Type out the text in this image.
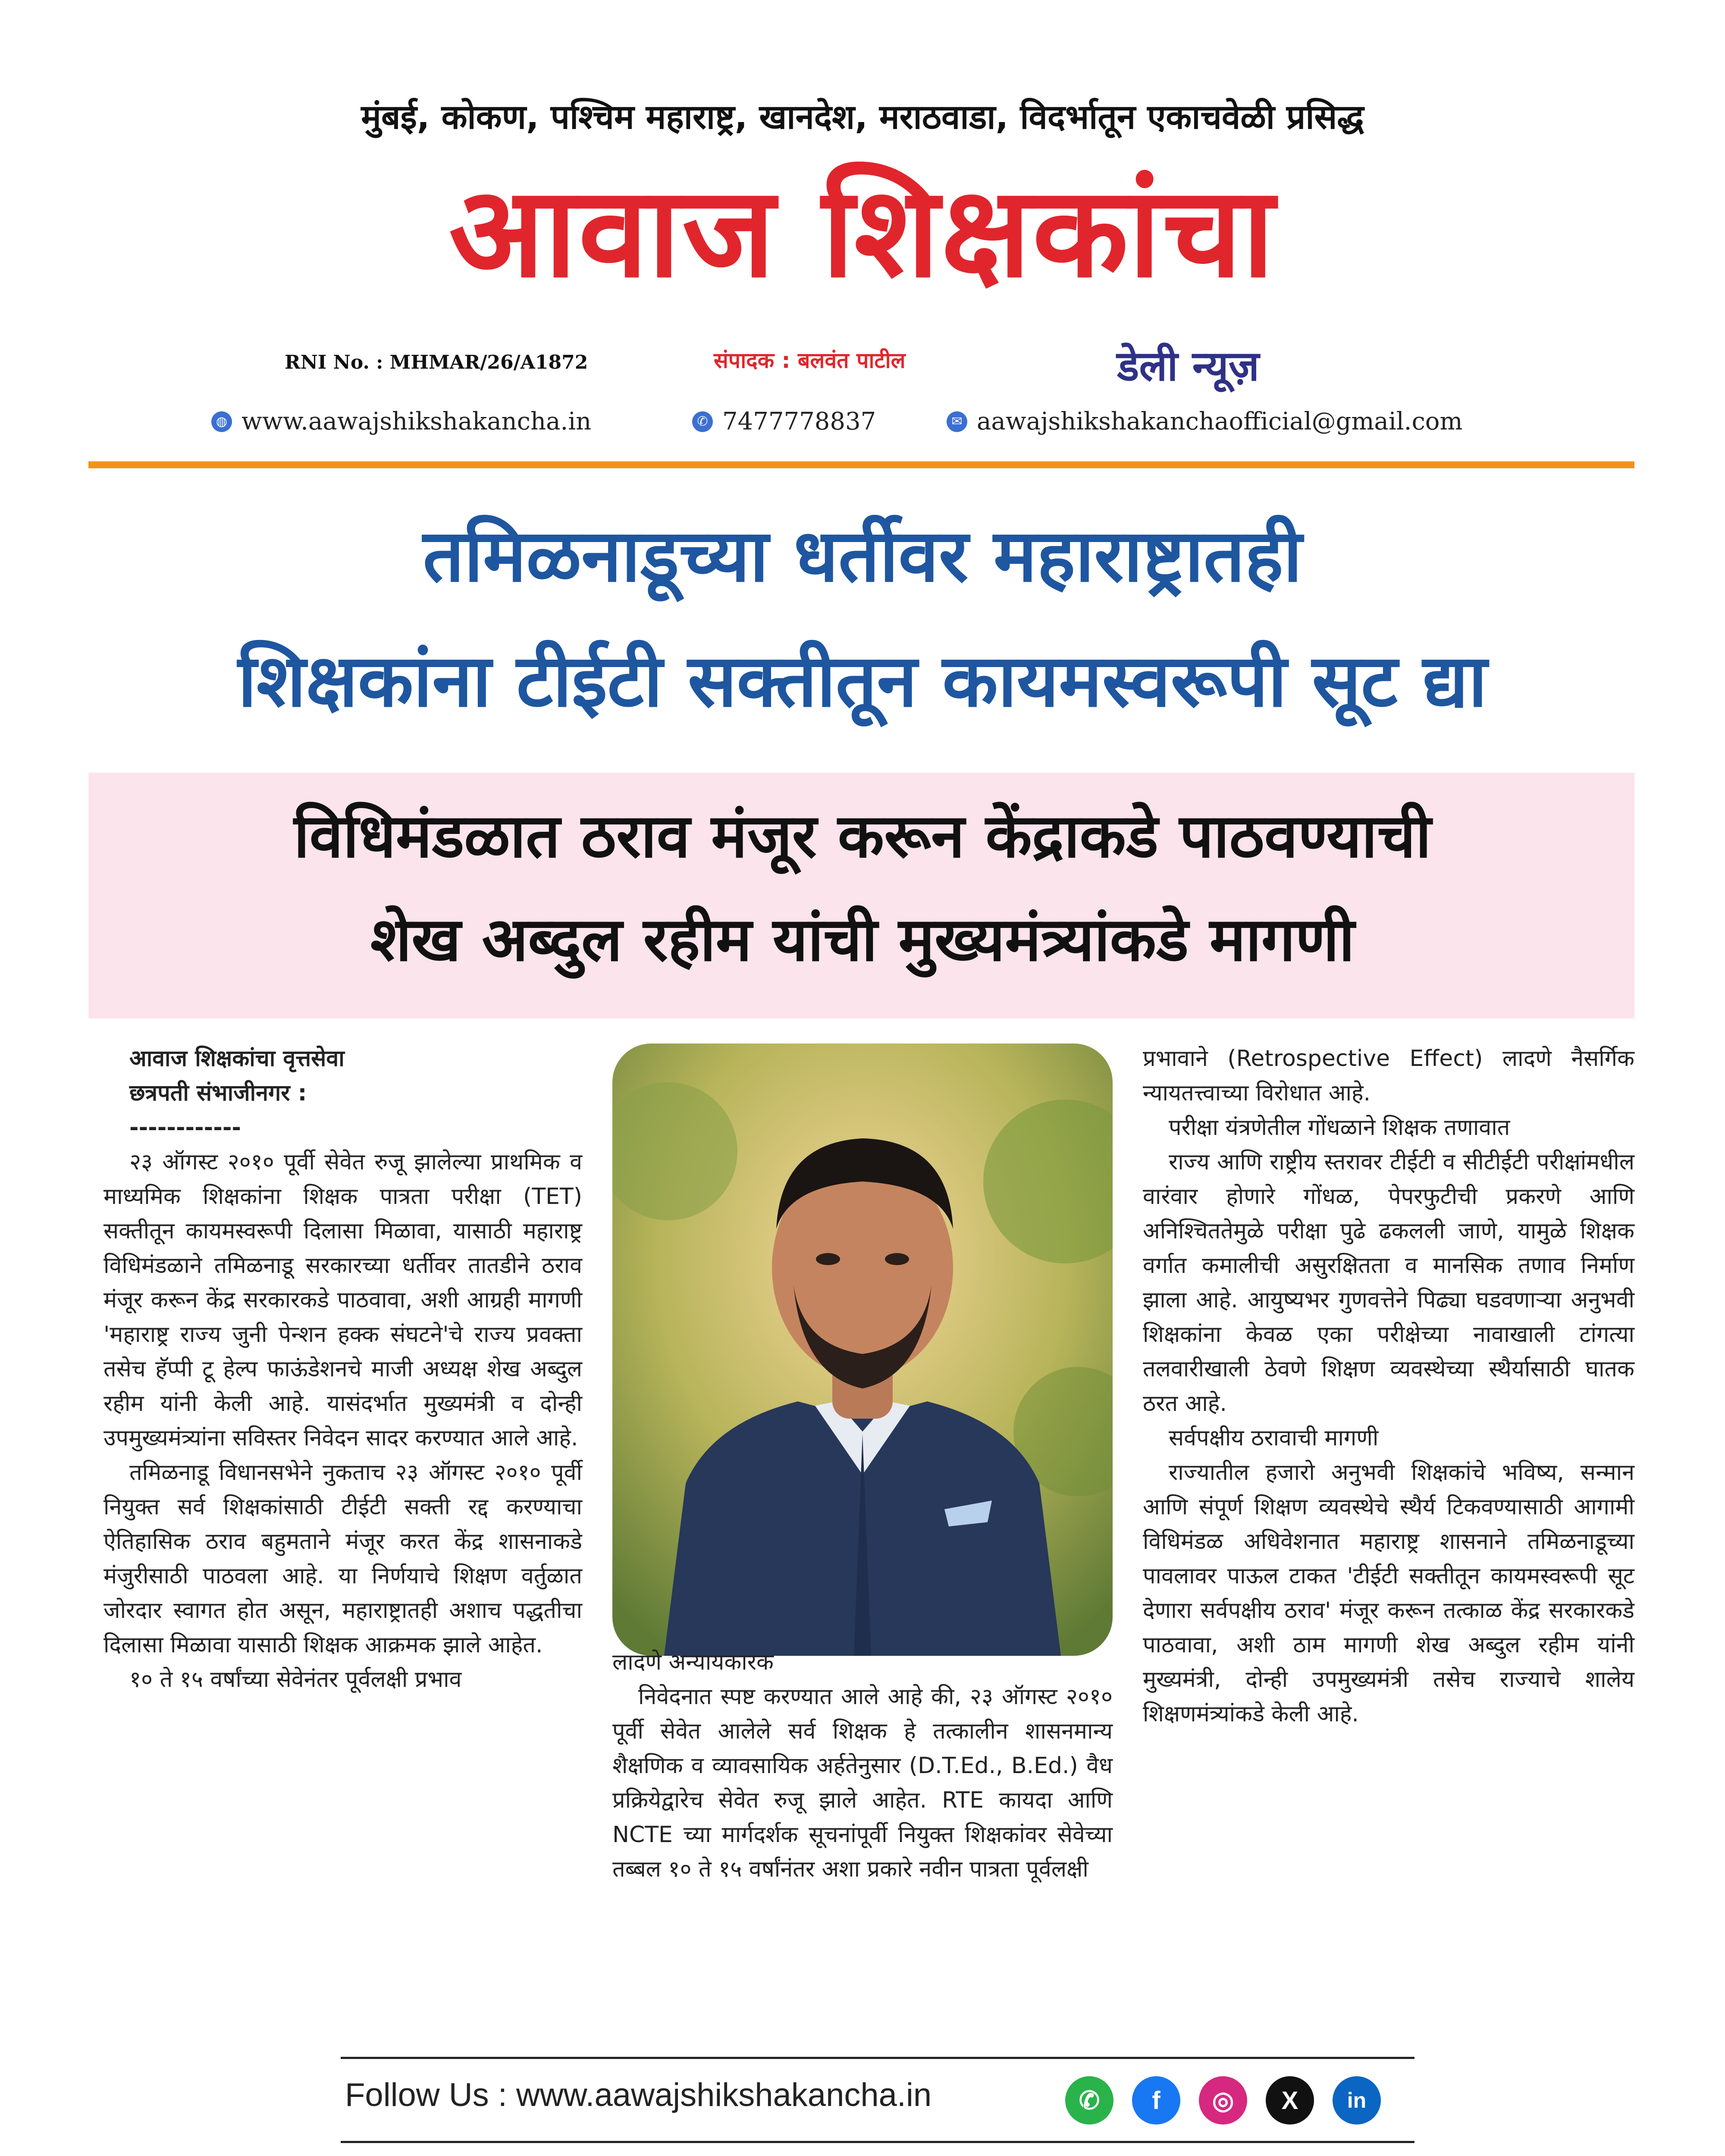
मुंबई, कोकण, पश्चिम महाराष्ट्र, खानदेश, मराठवाडा, विदर्भातून एकाचवेळी प्रसिद्ध
आवाज शिक्षकांचा
RNI No. : MHMAR/26/A1872	संपादक : बलवंत पाटील	डेली न्यूज़
◍ www.aawajshikshakancha.in	✆ 7477778837	✉ aawajshikshakanchaofficial@gmail.com
तमिळनाडूच्या धर्तीवर महाराष्ट्रातही
शिक्षकांना टीईटी सक्तीतून कायमस्वरूपी सूट द्या
विधिमंडळात ठराव मंजूर करून केंद्राकडे पाठवण्याची
शेख अब्दुल रहीम यांची मुख्यमंत्र्यांकडे मागणी

आवाज शिक्षकांचा वृत्तसेवा

छत्रपती संभाजीनगर :

------------

२३ ऑगस्ट २०१० पूर्वी सेवेत रुजू झालेल्या प्राथमिक व माध्यमिक शिक्षकांना शिक्षक पात्रता परीक्षा (TET) सक्तीतून कायमस्वरूपी दिलासा मिळावा, यासाठी महाराष्ट्र विधिमंडळाने तमिळनाडू सरकारच्या धर्तीवर तातडीने ठराव मंजूर करून केंद्र सरकारकडे पाठवावा, अशी आग्रही मागणी 'महाराष्ट्र राज्य जुनी पेन्शन हक्क संघटने'चे राज्य प्रवक्ता तसेच हॅप्पी टू हेल्प फाऊंडेशनचे माजी अध्यक्ष शेख अब्दुल रहीम यांनी केली आहे. यासंदर्भात मुख्यमंत्री व दोन्ही उपमुख्यमंत्र्यांना सविस्तर निवेदन सादर करण्यात आले आहे.

तमिळनाडू विधानसभेने नुकताच २३ ऑगस्ट २०१० पूर्वी नियुक्त सर्व शिक्षकांसाठी टीईटी सक्ती रद्द करण्याचा ऐतिहासिक ठराव बहुमताने मंजूर करत केंद्र शासनाकडे मंजुरीसाठी पाठवला आहे. या निर्णयाचे शिक्षण वर्तुळात जोरदार स्वागत होत असून, महाराष्ट्रातही अशाच पद्धतीचा दिलासा मिळावा यासाठी शिक्षक आक्रमक झाले आहेत.

१० ते १५ वर्षांच्या सेवेनंतर पूर्वलक्षी प्रभाव

लादणे अन्यायकारक

निवेदनात स्पष्ट करण्यात आले आहे की, २३ ऑगस्ट २०१० पूर्वी सेवेत आलेले सर्व शिक्षक हे तत्कालीन शासनमान्य शैक्षणिक व व्यावसायिक अर्हतेनुसार (D.T.Ed., B.Ed.) वैध प्रक्रियेद्वारेच सेवेत रुजू झाले आहेत. RTE कायदा आणि NCTE च्या मार्गदर्शक सूचनांपूर्वी नियुक्त शिक्षकांवर सेवेच्या तब्बल १० ते १५ वर्षांनंतर अशा प्रकारे नवीन पात्रता पूर्वलक्षी

प्रभावाने (Retrospective Effect) लादणे नैसर्गिक न्यायतत्त्वाच्या विरोधात आहे.

परीक्षा यंत्रणेतील गोंधळाने शिक्षक तणावात

राज्य आणि राष्ट्रीय स्तरावर टीईटी व सीटीईटी परीक्षांमधील वारंवार होणारे गोंधळ, पेपरफुटीची प्रकरणे आणि अनिश्चिततेमुळे परीक्षा पुढे ढकलली जाणे, यामुळे शिक्षक वर्गात कमालीची असुरक्षितता व मानसिक तणाव निर्माण झाला आहे. आयुष्यभर गुणवत्तेने पिढ्या घडवणाऱ्या अनुभवी शिक्षकांना केवळ एका परीक्षेच्या नावाखाली टांगत्या तलवारीखाली ठेवणे शिक्षण व्यवस्थेच्या स्थैर्यासाठी घातक ठरत आहे.

सर्वपक्षीय ठरावाची मागणी

राज्यातील हजारो अनुभवी शिक्षकांचे भविष्य, सन्मान आणि संपूर्ण शिक्षण व्यवस्थेचे स्थैर्य टिकवण्यासाठी आगामी विधिमंडळ अधिवेशनात महाराष्ट्र शासनाने तमिळनाडूच्या पावलावर पाऊल टाकत 'टीईटी सक्तीतून कायमस्वरूपी सूट देणारा सर्वपक्षीय ठराव' मंजूर करून तत्काळ केंद्र सरकारकडे पाठवावा, अशी ठाम मागणी शेख अब्दुल रहीम यांनी मुख्यमंत्री, दोन्ही उपमुख्यमंत्री तसेच राज्याचे शालेय शिक्षणमंत्र्यांकडे केली आहे.

Follow Us : www.aawajshikshakancha.in	✆ f ◎ X in
